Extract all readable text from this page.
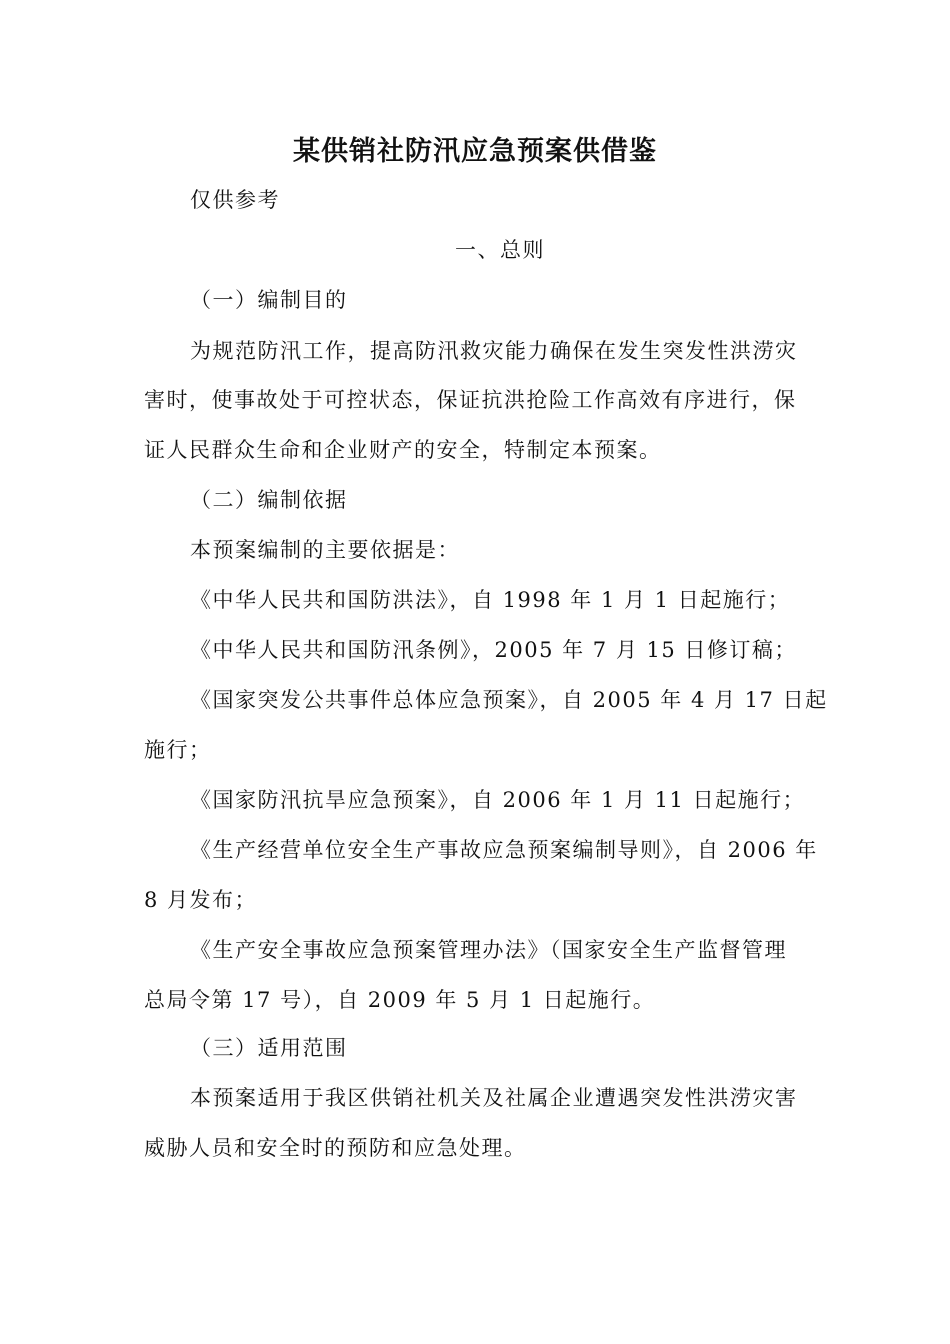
某供销社防汛应急预案供借鉴

仅供参考

一、总则

（一）编制目的

为规范防汛工作，提高防汛救灾能力确保在发生突发性洪涝灾

害时，使事故处于可控状态，保证抗洪抢险工作高效有序进行，保

证人民群众生命和企业财产的安全，特制定本预案。

（二）编制依据

本预案编制的主要依据是：

《中华人民共和国防洪法》，自 1998 年 1 月 1 日起施行；

《中华人民共和国防汛条例》，2005 年 7 月 15 日修订稿；

《国家突发公共事件总体应急预案》，自 2005 年 4 月 17 日起

施行；

《国家防汛抗旱应急预案》，自 2006 年 1 月 11 日起施行；

《生产经营单位安全生产事故应急预案编制导则》，自 2006 年

8 月发布；

《生产安全事故应急预案管理办法》（国家安全生产监督管理

总局令第 17 号），自 2009 年 5 月 1 日起施行。

（三）适用范围

本预案适用于我区供销社机关及社属企业遭遇突发性洪涝灾害

威胁人员和安全时的预防和应急处理。
